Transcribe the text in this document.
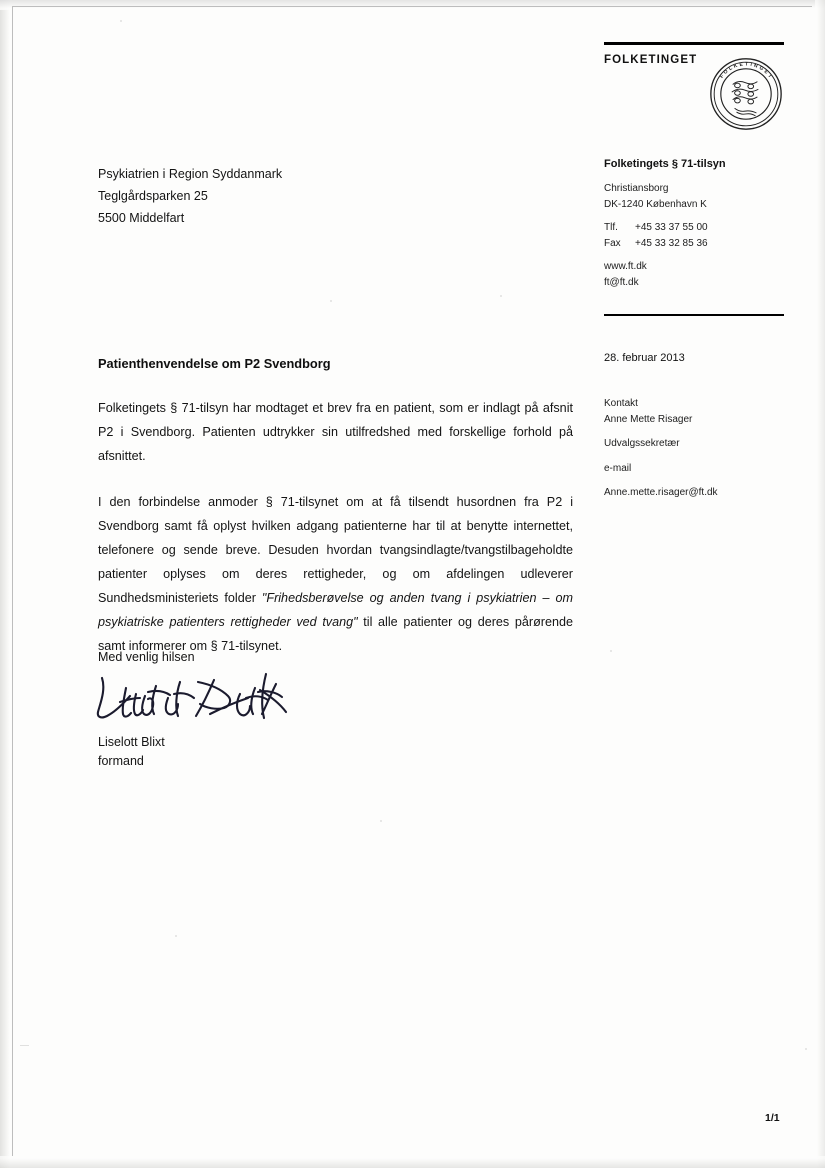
FOLKETINGET
F O L K E T I N G E T
Folketingets § 71-tilsyn
Christiansborg
DK-1240 København K
Tlf.	+45 33 37 55 00
Fax	+45 33 32 85 36
www.ft.dk
ft@ft.dk
28. februar 2013
Kontakt
Anne Mette Risager
Udvalgssekretær
e-mail
Anne.mette.risager@ft.dk
Psykiatrien i Region Syddanmark
Teglgårdsparken 25
5500 Middelfart
Patienthenvendelse om P2 Svendborg

Folketingets § 71-tilsyn har modtaget et brev fra en patient, som er indlagt på afsnit P2 i Svendborg. Patienten udtrykker sin utilfredshed med forskellige forhold på afsnittet.

I den forbindelse anmoder § 71-tilsynet om at få tilsendt husordnen fra P2 i Svendborg samt få oplyst hvilken adgang patienterne har til at benytte internettet, telefonere og sende breve. Desuden hvordan tvangsindlagte/tvangstilbageholdte patienter oplyses om deres rettigheder, og om afdelingen udleverer Sundhedsministeriets folder "Frihedsberøvelse og anden tvang i psykiatrien – om psykiatriske patienters rettigheder ved tvang" til alle patienter og deres pårørende samt informerer om § 71-tilsynet.

Med venlig hilsen
Liselott Blixt
formand
1/1
